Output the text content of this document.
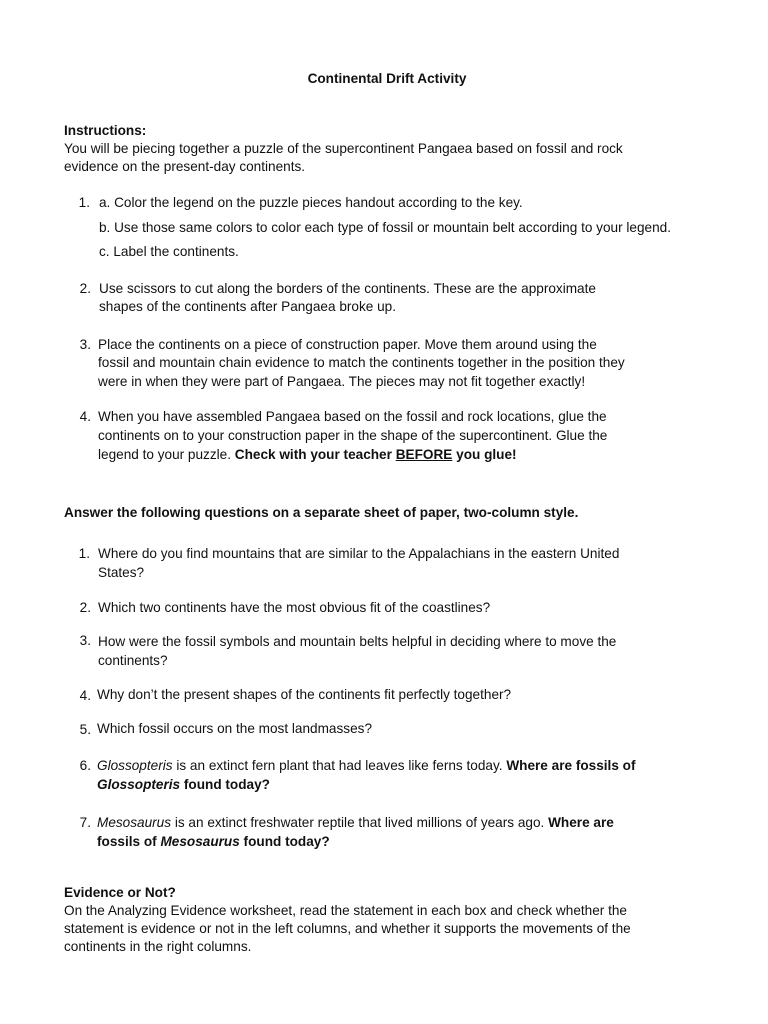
Continental Drift Activity
Instructions:
You will be piecing together a puzzle of the supercontinent Pangaea based on fossil and rock
evidence on the present-day continents.
1. a. Color the legend on the puzzle pieces handout according to the key.
b. Use those same colors to color each type of fossil or mountain belt according to your legend.
c. Label the continents.
2. Use scissors to cut along the borders of the continents. These are the approximate
shapes of the continents after Pangaea broke up.
3. Place the continents on a piece of construction paper. Move them around using the
fossil and mountain chain evidence to match the continents together in the position they
were in when they were part of Pangaea. The pieces may not fit together exactly!
4. When you have assembled Pangaea based on the fossil and rock locations, glue the
continents on to your construction paper in the shape of the supercontinent. Glue the
legend to your puzzle. Check with your teacher BEFORE you glue!
Answer the following questions on a separate sheet of paper, two-column style.
1. Where do you find mountains that are similar to the Appalachians in the eastern United
States?
2. Which two continents have the most obvious fit of the coastlines?
3. How were the fossil symbols and mountain belts helpful in deciding where to move the
continents?
4. Why don’t the present shapes of the continents fit perfectly together?
5. Which fossil occurs on the most landmasses?
6. Glossopteris is an extinct fern plant that had leaves like ferns today. Where are fossils of
Glossopteris found today?
7. Mesosaurus is an extinct freshwater reptile that lived millions of years ago. Where are
fossils of Mesosaurus found today?
Evidence or Not?
On the Analyzing Evidence worksheet, read the statement in each box and check whether the
statement is evidence or not in the left columns, and whether it supports the movements of the
continents in the right columns.
